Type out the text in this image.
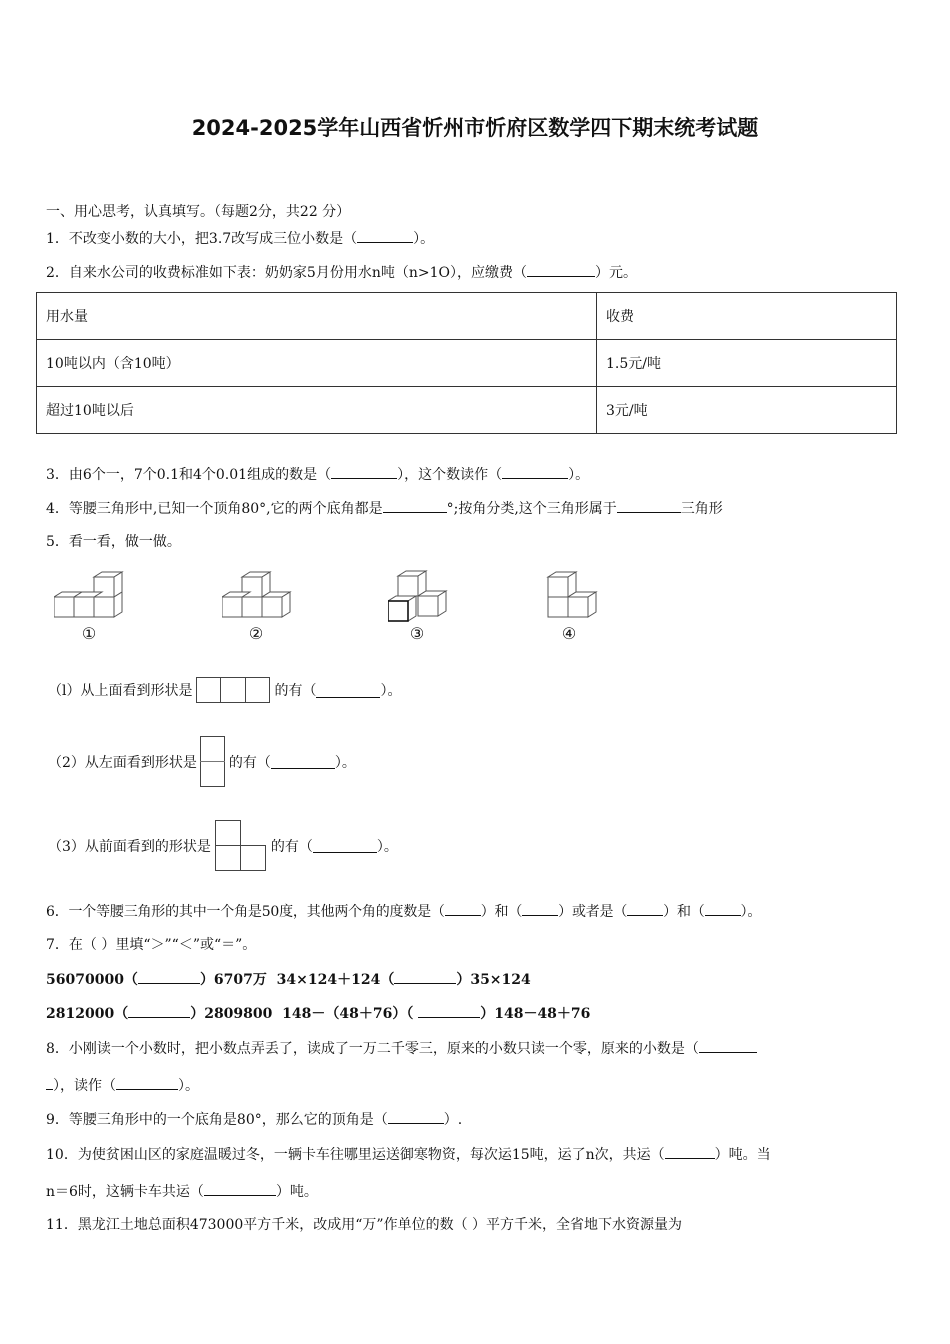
2024-2025学年山西省忻州市忻府区数学四下期末统考试题
一、用心思考，认真填写。（每题2分，共22 分）
1．不改变小数的大小，把3.7改写成三位小数是（	）。
2．自来水公司的收费标准如下表：奶奶家5月份用水n吨（n>1O），应缴费（	）元。
用水量	收费
10吨以内（含10吨）	1.5元/吨
超过10吨以后	3元/吨
3．由6个一，7个0.1和4个0.01组成的数是（	），这个数读作（	）。
4．等腰三角形中,已知一个顶角80°,它的两个底角都是	°;按角分类,这个三角形属于	三角形
5．看一看，做一做。
①	②	③	④
（l）从上面看到形状是	的有（	）。
（2）从左面看到形状是 的有（	）。
（3）从前面看到的形状是	的有（	）。
6．一个等腰三角形的其中一个角是50度，其他两个角的度数是（	）和（	）或者是（	）和（	）。
7．在（ ）里填“＞”“＜”或“＝”。
56070000（	）6707万 34×124＋124（	）35×124
2812000（	）2809800 148－（48＋76）（	）148－48＋76
8．小刚读一个小数时，把小数点弄丢了，读成了一万二千零三，原来的小数只读一个零，原来的小数是（
），读作（	）。
9．等腰三角形中的一个底角是80°，那么它的顶角是（	）.
10．为使贫困山区的家庭温暖过冬，一辆卡车往哪里运送御寒物资，每次运15吨，运了n次，共运（	）吨。当
n＝6时，这辆卡车共运（	）吨。
11．黑龙江土地总面积473000平方千米，改成用“万”作单位的数（ ）平方千米，全省地下水资源量为
